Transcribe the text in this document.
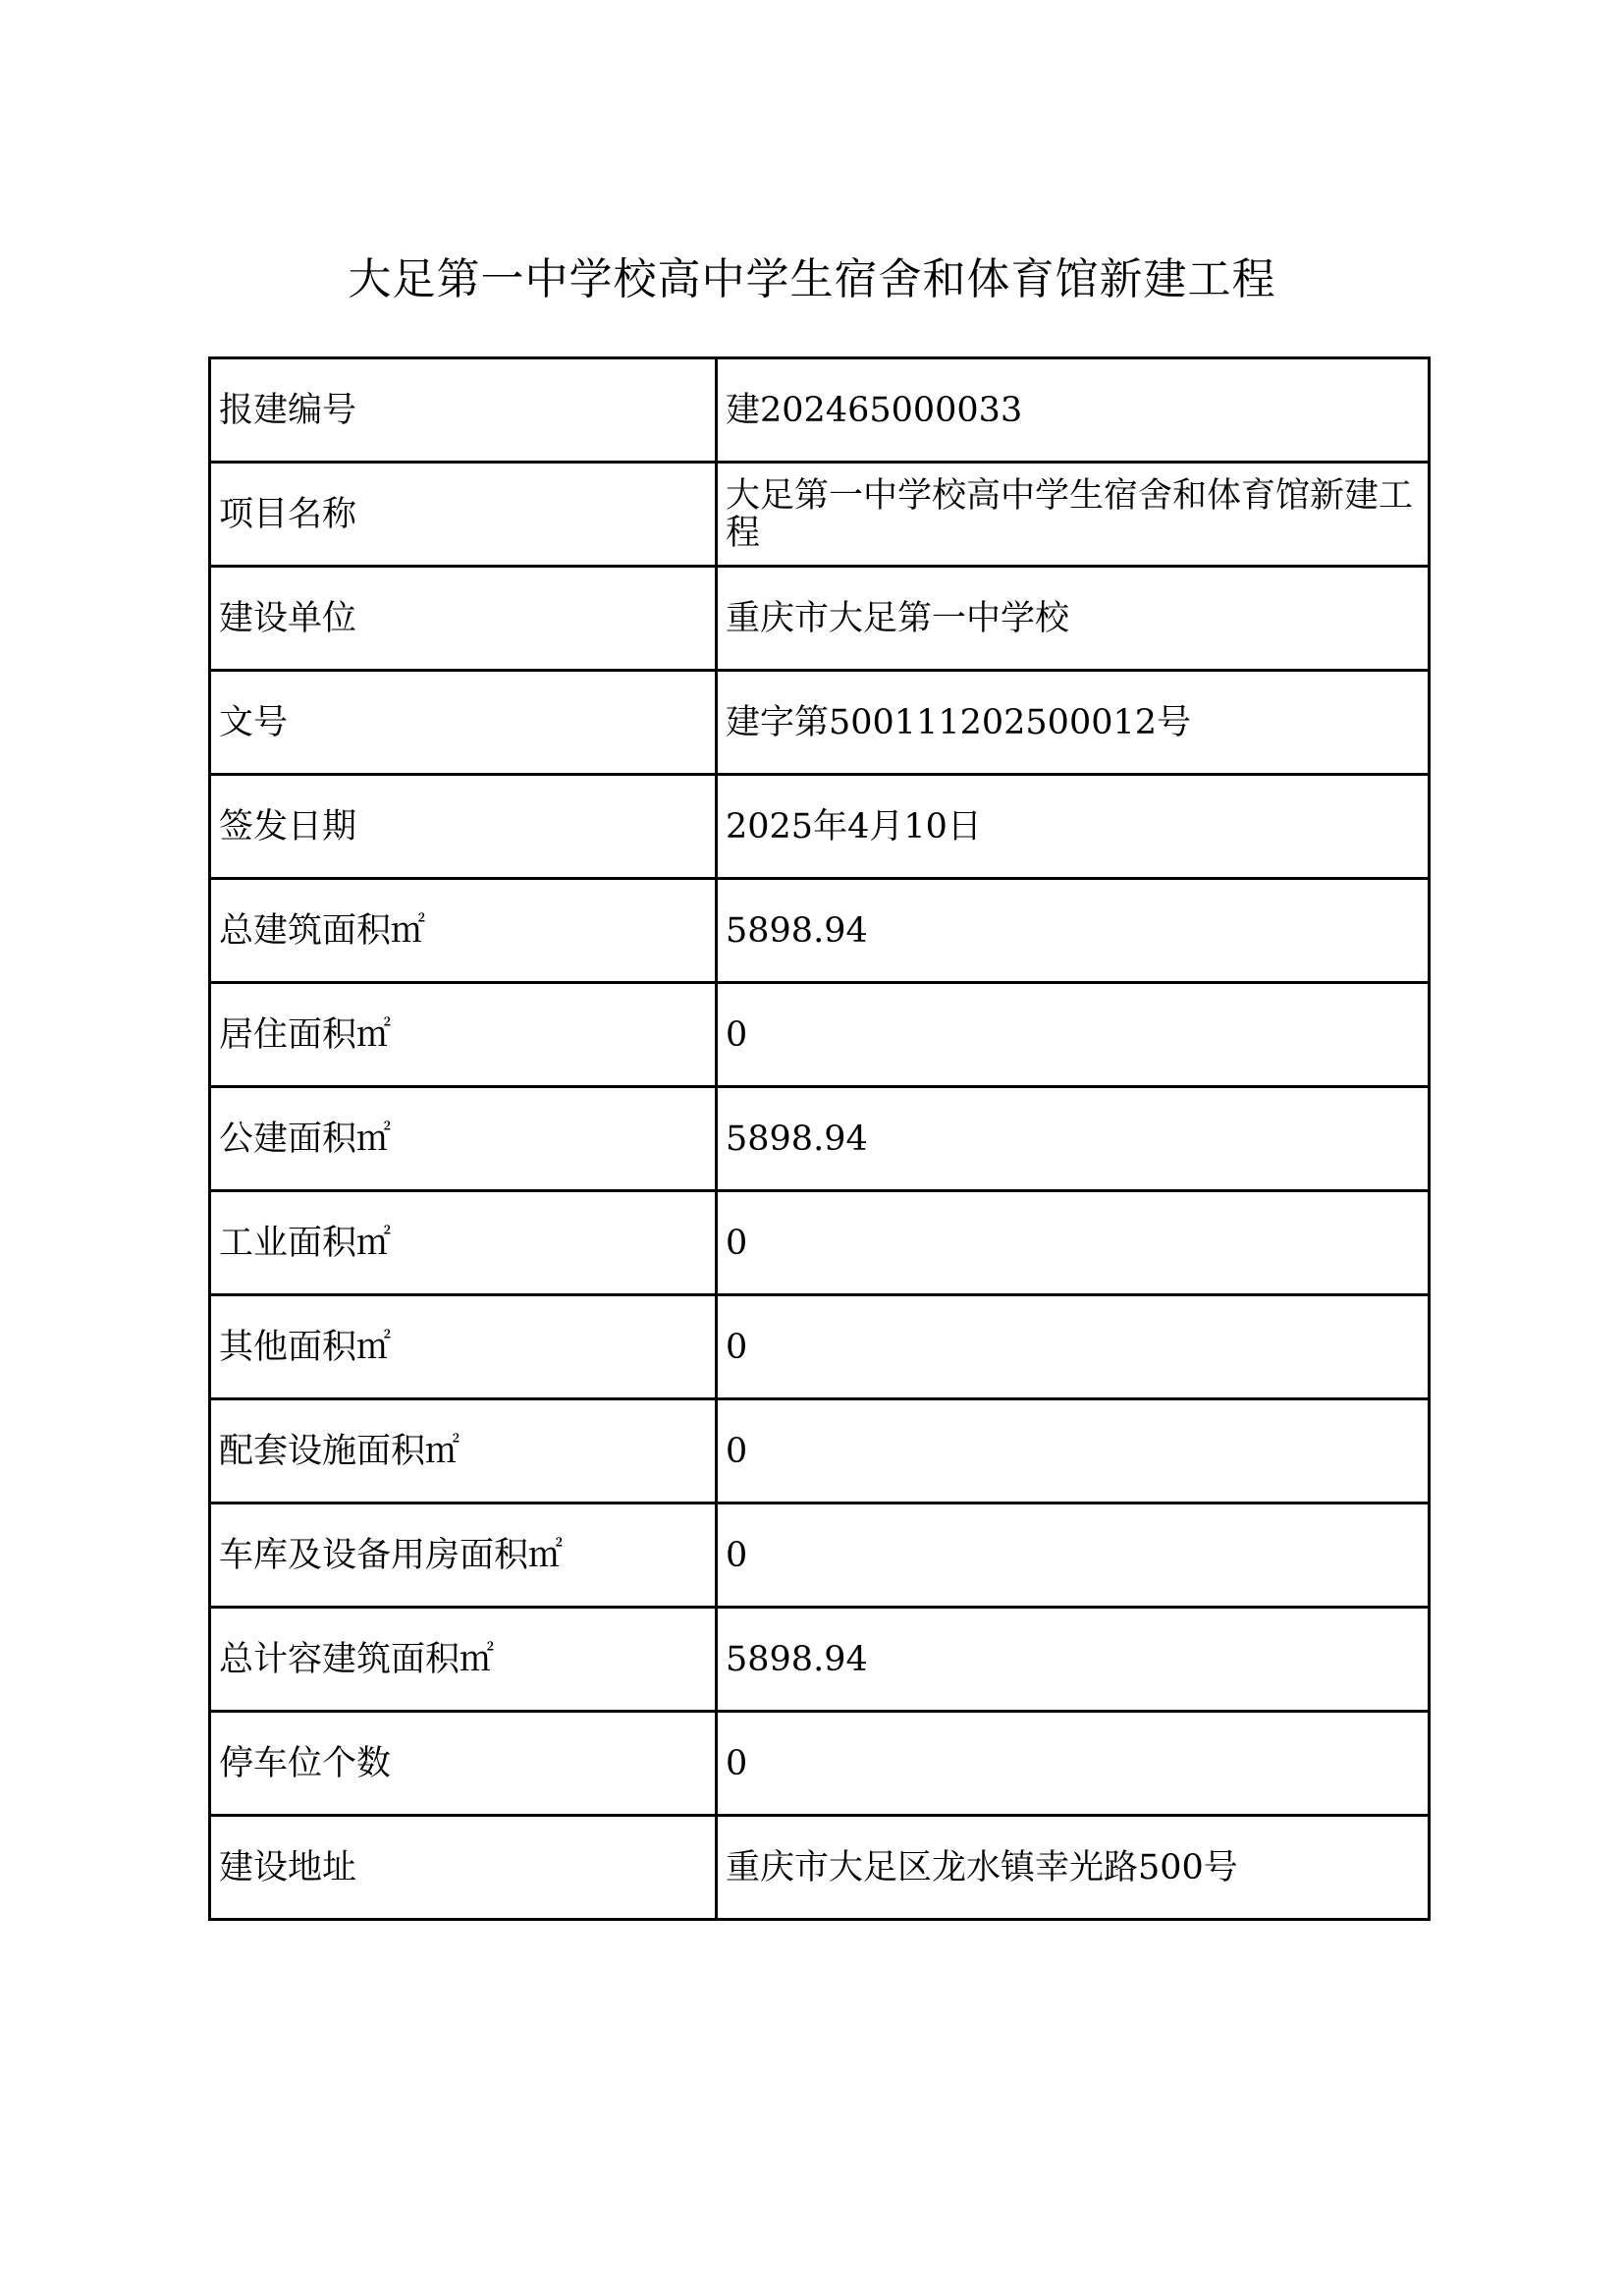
大足第一中学校高中学生宿舍和体育馆新建工程
报建编号	建202465000033
项目名称	大足第一中学校高中学生宿舍和体育馆新建工程
建设单位	重庆市大足第一中学校
文号	建字第500111202500012号
签发日期	2025年4月10日
总建筑面积㎡	5898.94
居住面积㎡	0
公建面积㎡	5898.94
工业面积㎡	0
其他面积㎡	0
配套设施面积㎡	0
车库及设备用房面积㎡	0
总计容建筑面积㎡	5898.94
停车位个数	0
建设地址	重庆市大足区龙水镇幸光路500号
